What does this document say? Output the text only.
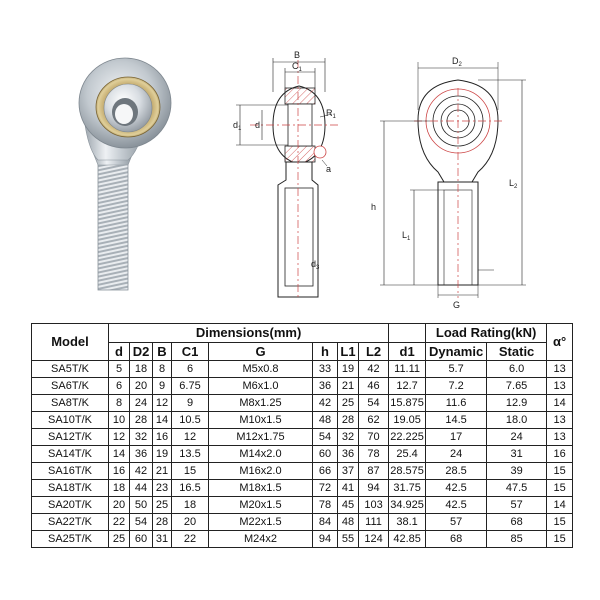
B
$C_1$
$R_1$
$d_1$ d
a
h
$L_1$
$L_2$
$d_3$
$D_2$
G
Model	Dimensions(mm)									Load Rating(kN)		α°
	d	D2	B	C1	G	h	L1	L2	d1	Dynamic	Static	
SA5T/K	5	18	8	6	M5x0.8	33	19	42	11.11	5.7	6.0	13
SA6T/K	6	20	9	6.75	M6x1.0	36	21	46	12.7	7.2	7.65	13
SA8T/K	8	24	12	9	M8x1.25	42	25	54	15.875	11.6	12.9	14
SA10T/K	10	28	14	10.5	M10x1.5	48	28	62	19.05	14.5	18.0	13
SA12T/K	12	32	16	12	M12x1.75	54	32	70	22.225	17	24	13
SA14T/K	14	36	19	13.5	M14x2.0	60	36	78	25.4	24	31	16
SA16T/K	16	42	21	15	M16x2.0	66	37	87	28.575	28.5	39	15
SA18T/K	18	44	23	16.5	M18x1.5	72	41	94	31.75	42.5	47.5	15
SA20T/K	20	50	25	18	M20x1.5	78	45	103	34.925	42.5	57	14
SA22T/K	22	54	28	20	M22x1.5	84	48	111	38.1	57	68	15
SA25T/K	25	60	31	22	M24x2	94	55	124	42.85	68	85	15
